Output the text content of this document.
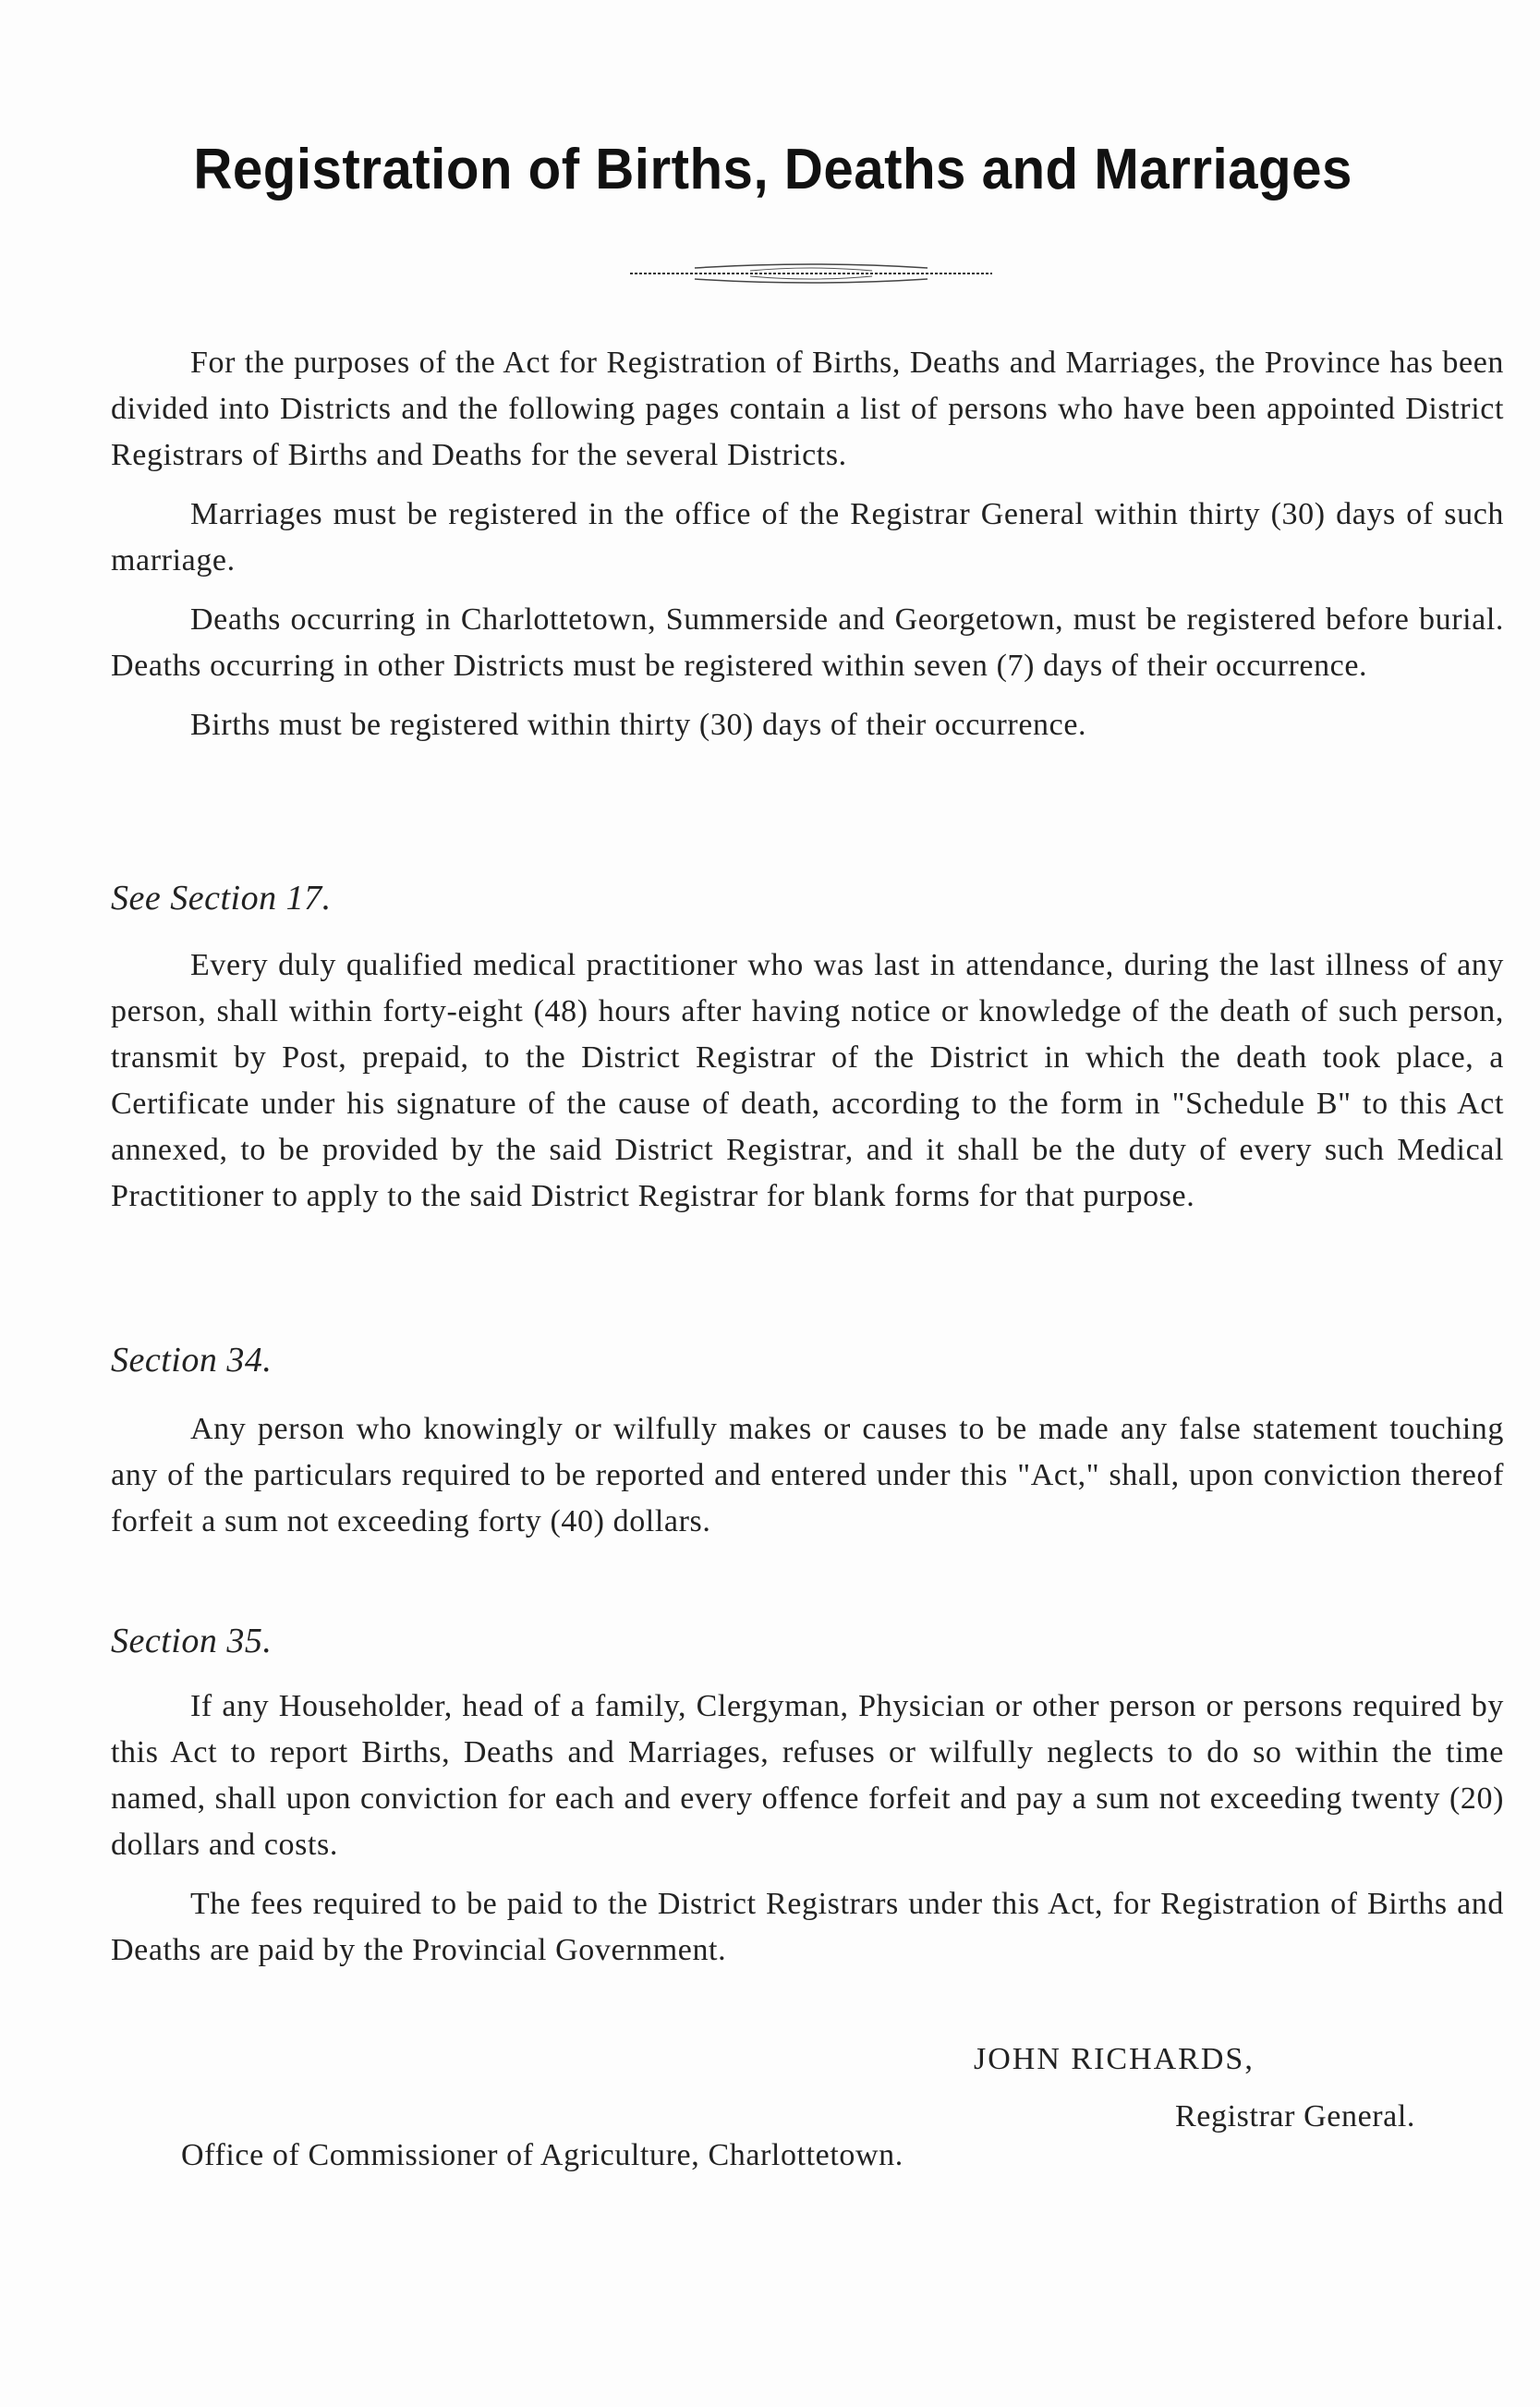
Registration of Births, Deaths and Marriages

For the purposes of the Act for Registration of Births, Deaths and Marriages, the Province has been divided into Districts and the following pages contain a list of persons who have been appointed District Registrars of Births and Deaths for the several Districts.

Marriages must be registered in the office of the Registrar General within thirty (30) days of such marriage.

Deaths occurring in Charlottetown, Summerside and Georgetown, must be registered before burial. Deaths occurring in other Districts must be registered within seven (7) days of their occurrence.

Births must be registered within thirty (30) days of their occurrence.

See Section 17.

Every duly qualified medical practitioner who was last in attendance, during the last illness of any person, shall within forty-eight (48) hours after having notice or knowledge of the death of such person, transmit by Post, prepaid, to the District Registrar of the District in which the death took place, a Certificate under his signature of the cause of death, according to the form in "Schedule B" to this Act annexed, to be provided by the said District Registrar, and it shall be the duty of every such Medical Practitioner to apply to the said District Registrar for blank forms for that purpose.

Section 34.

Any person who knowingly or wilfully makes or causes to be made any false statement touching any of the particulars required to be reported and entered under this "Act," shall, upon conviction thereof forfeit a sum not exceeding forty (40) dollars.

Section 35.

If any Householder, head of a family, Clergyman, Physician or other person or persons required by this Act to report Births, Deaths and Marriages, refuses or wilfully neglects to do so within the time named, shall upon conviction for each and every offence forfeit and pay a sum not exceeding twenty (20) dollars and costs.

The fees required to be paid to the District Registrars under this Act, for Registration of Births and Deaths are paid by the Provincial Government.

JOHN RICHARDS,
Registrar General.
Office of Commissioner of Agriculture, Charlottetown.
